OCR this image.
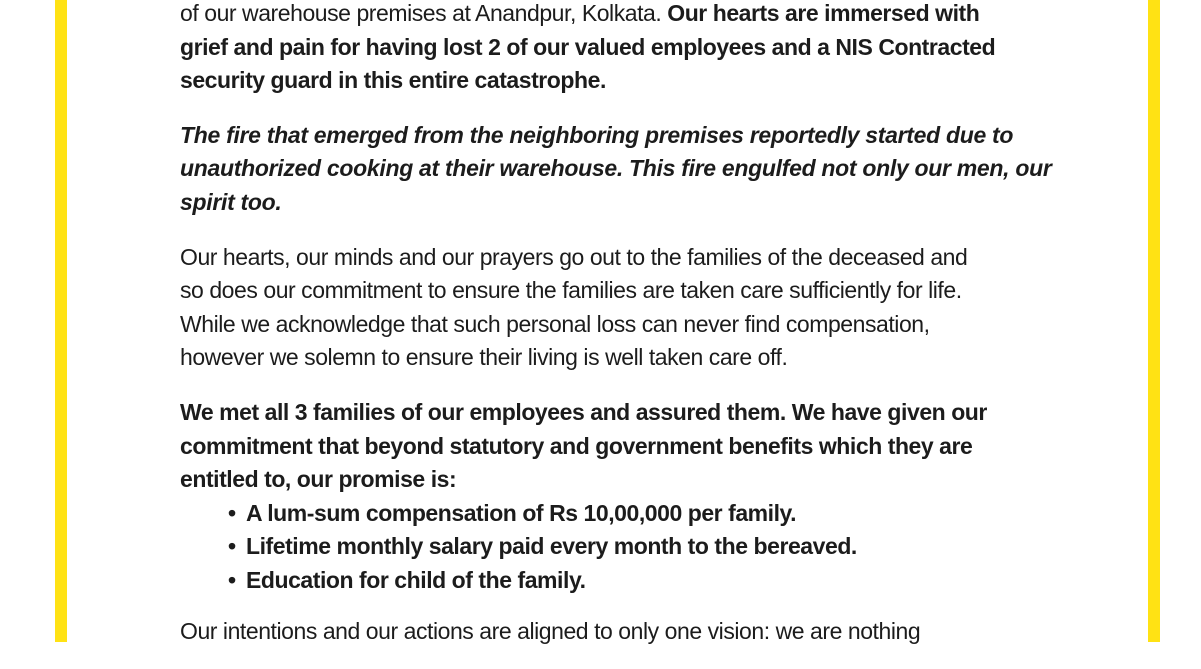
of our warehouse premises at Anandpur, Kolkata. Our hearts are immersed with
grief and pain for having lost 2 of our valued employees and a NIS Contracted
security guard in this entire catastrophe.
The fire that emerged from the neighboring premises reportedly started due to
unauthorized cooking at their warehouse. This fire engulfed not only our men, our
spirit too.
Our hearts, our minds and our prayers go out to the families of the deceased and
so does our commitment to ensure the families are taken care sufficiently for life.
While we acknowledge that such personal loss can never find compensation,
however we solemn to ensure their living is well taken care off.
We met all 3 families of our employees and assured them. We have given our
commitment that beyond statutory and government benefits which they are
entitled to, our promise is:
• A lum-sum compensation of Rs 10,00,000 per family.
• Lifetime monthly salary paid every month to the bereaved.
• Education for child of the family.
Our intentions and our actions are aligned to only one vision: we are nothing
